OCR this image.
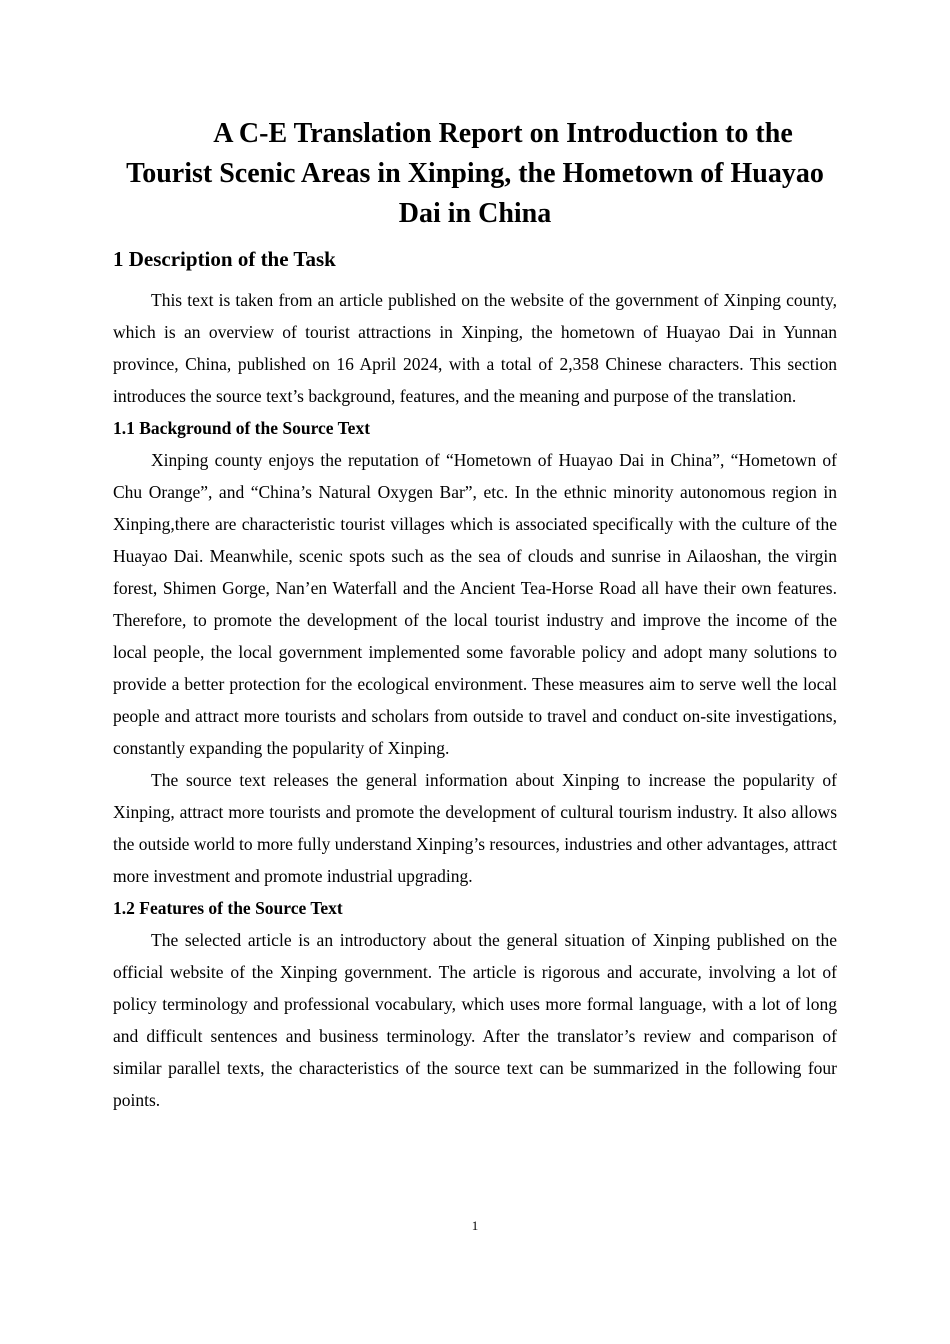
A C-E Translation Report on Introduction to the
Tourist Scenic Areas in Xinping, the Hometown of Huayao
Dai in China
1 Description of the Task

This text is taken from an article published on the website of the government of Xinping county, which is an overview of tourist attractions in Xinping, the hometown of Huayao Dai in Yunnan province, China, published on 16 April 2024, with a total of 2,358 Chinese characters. This section introduces the source text’s background, features, and the meaning and purpose of the translation.

1.1 Background of the Source Text

Xinping county enjoys the reputation of “Hometown of Huayao Dai in China”, “Hometown of Chu Orange”, and “China’s Natural Oxygen Bar”, etc. In the ethnic minority autonomous region in Xinping,there are characteristic tourist villages which is associated specifically with the culture of the Huayao Dai. Meanwhile, scenic spots such as the sea of clouds and sunrise in Ailaoshan, the virgin forest, Shimen Gorge, Nan’en Waterfall and the Ancient Tea-Horse Road all have their own features. Therefore, to promote the development of the local tourist industry and improve the income of the local people, the local government implemented some favorable policy and adopt many solutions to provide a better protection for the ecological environment. These measures aim to serve well the local people and attract more tourists and scholars from outside to travel and conduct on-site investigations, constantly expanding the popularity of Xinping.

The source text releases the general information about Xinping to increase the popularity of Xinping, attract more tourists and promote the development of cultural tourism industry. It also allows the outside world to more fully understand Xinping’s resources, industries and other advantages, attract more investment and promote industrial upgrading.

1.2 Features of the Source Text

The selected article is an introductory about the general situation of Xinping published on the official website of the Xinping government. The article is rigorous and accurate, involving a lot of policy terminology and professional vocabulary, which uses more formal language, with a lot of long and difficult sentences and business terminology. After the translator’s review and comparison of similar parallel texts, the characteristics of the source text can be summarized in the following four points.

1
